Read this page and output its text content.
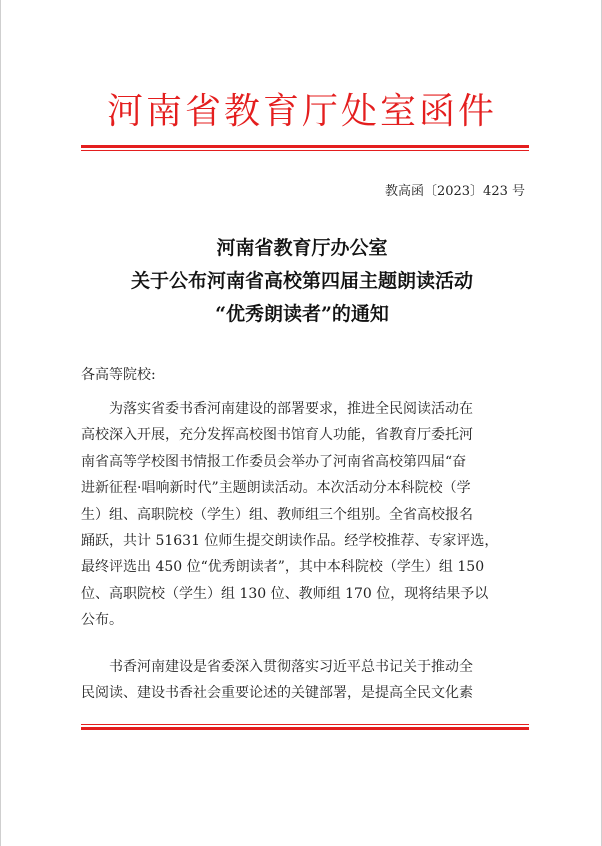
河南省教育厅处室函件
教高函〔2023〕423 号
河南省教育厅办公室
关于公布河南省高校第四届主题朗读活动
“优秀朗读者”的通知
各高等院校:
　　为落实省委书香河南建设的部署要求，推进全民阅读活动在
高校深入开展，充分发挥高校图书馆育人功能，省教育厅委托河
南省高等学校图书情报工作委员会举办了河南省高校第四届“奋
进新征程·唱响新时代”主题朗读活动。本次活动分本科院校（学
生）组、高职院校（学生）组、教师组三个组别。全省高校报名
踊跃，共计 51631 位师生提交朗读作品。经学校推荐、专家评选，
最终评选出 450 位“优秀朗读者”，其中本科院校（学生）组 150
位、高职院校（学生）组 130 位、教师组 170 位，现将结果予以
公布。
　　书香河南建设是省委深入贯彻落实习近平总书记关于推动全
民阅读、建设书香社会重要论述的关键部署，是提高全民文化素
